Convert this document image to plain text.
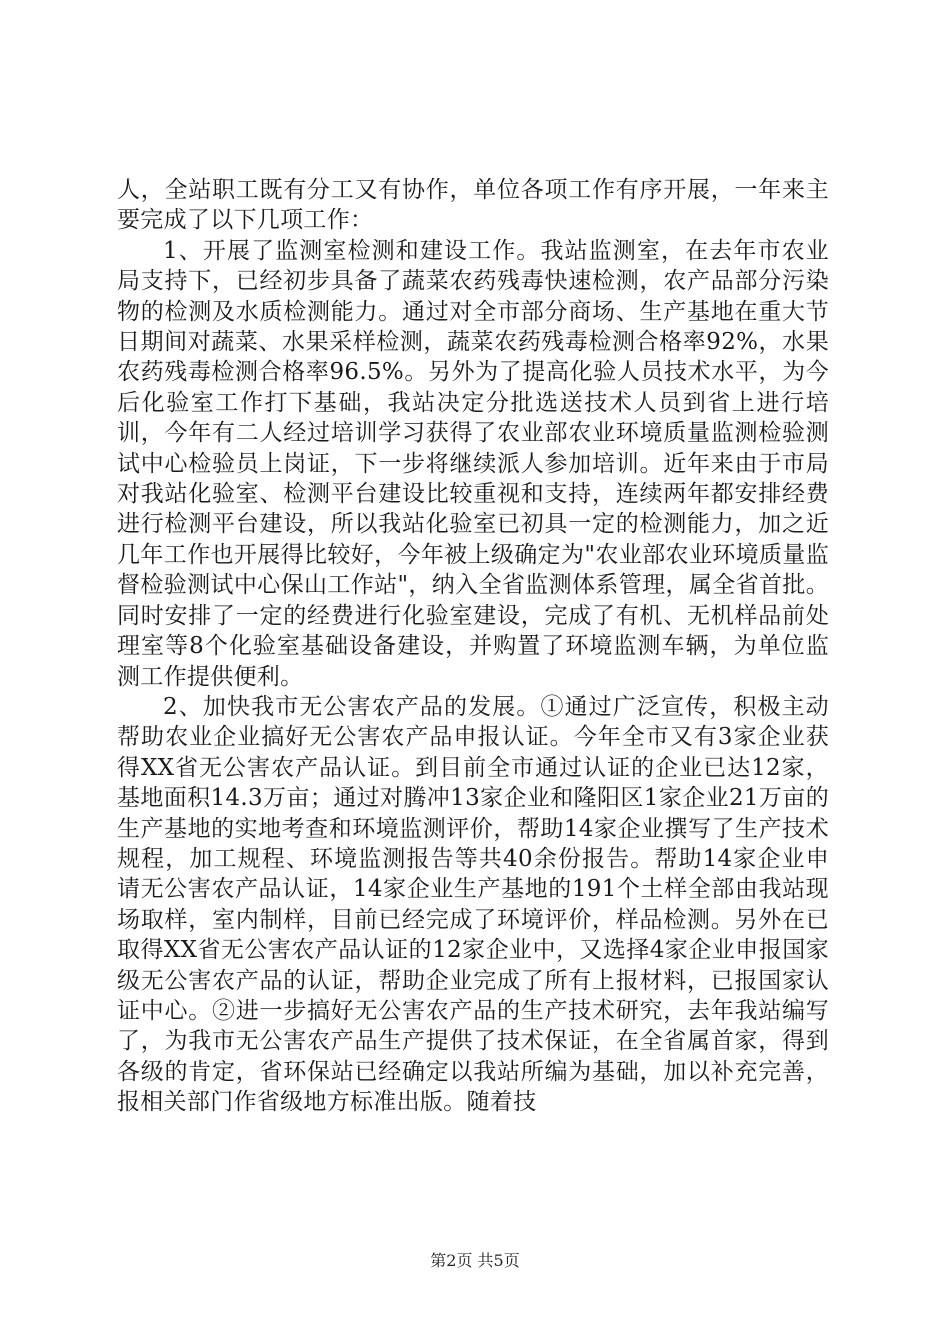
人，全站职工既有分工又有协作，单位各项工作有序开展，一年来主要完成了以下几项工作：

1、开展了监测室检测和建设工作。我站监测室，在去年市农业局支持下，已经初步具备了蔬菜农药残毒快速检测，农产品部分污染物的检测及水质检测能力。通过对全市部分商场、生产基地在重大节日期间对蔬菜、水果采样检测，蔬菜农药残毒检测合格率92%，水果农药残毒检测合格率96.5%。另外为了提高化验人员技术水平，为今后化验室工作打下基础，我站决定分批选送技术人员到省上进行培训，今年有二人经过培训学习获得了农业部农业环境质量监测检验测试中心检验员上岗证，下一步将继续派人参加培训。近年来由于市局对我站化验室、检测平台建设比较重视和支持，连续两年都安排经费进行检测平台建设，所以我站化验室已初具一定的检测能力，加之近几年工作也开展得比较好，今年被上级确定为"农业部农业环境质量监督检验测试中心保山工作站"，纳入全省监测体系管理，属全省首批。同时安排了一定的经费进行化验室建设，完成了有机、无机样品前处理室等8个化验室基础设备建设，并购置了环境监测车辆，为单位监测工作提供便利。

2、加快我市无公害农产品的发展。①通过广泛宣传，积极主动帮助农业企业搞好无公害农产品申报认证。今年全市又有3家企业获得XX省无公害农产品认证。到目前全市通过认证的企业已达12家，基地面积14.3万亩；通过对腾冲13家企业和隆阳区1家企业21万亩的生产基地的实地考查和环境监测评价，帮助14家企业撰写了生产技术规程，加工规程、环境监测报告等共40余份报告。帮助14家企业申请无公害农产品认证，14家企业生产基地的191个土样全部由我站现场取样，室内制样，目前已经完成了环境评价，样品检测。另外在已取得XX省无公害农产品认证的12家企业中，又选择4家企业申报国家级无公害农产品的认证，帮助企业完成了所有上报材料，已报国家认证中心。②进一步搞好无公害农产品的生产技术研究，去年我站编写了，为我市无公害农产品生产提供了技术保证，在全省属首家，得到各级的肯定，省环保站已经确定以我站所编为基础，加以补充完善，报相关部门作省级地方标准出版。随着技

第2页 共5页
